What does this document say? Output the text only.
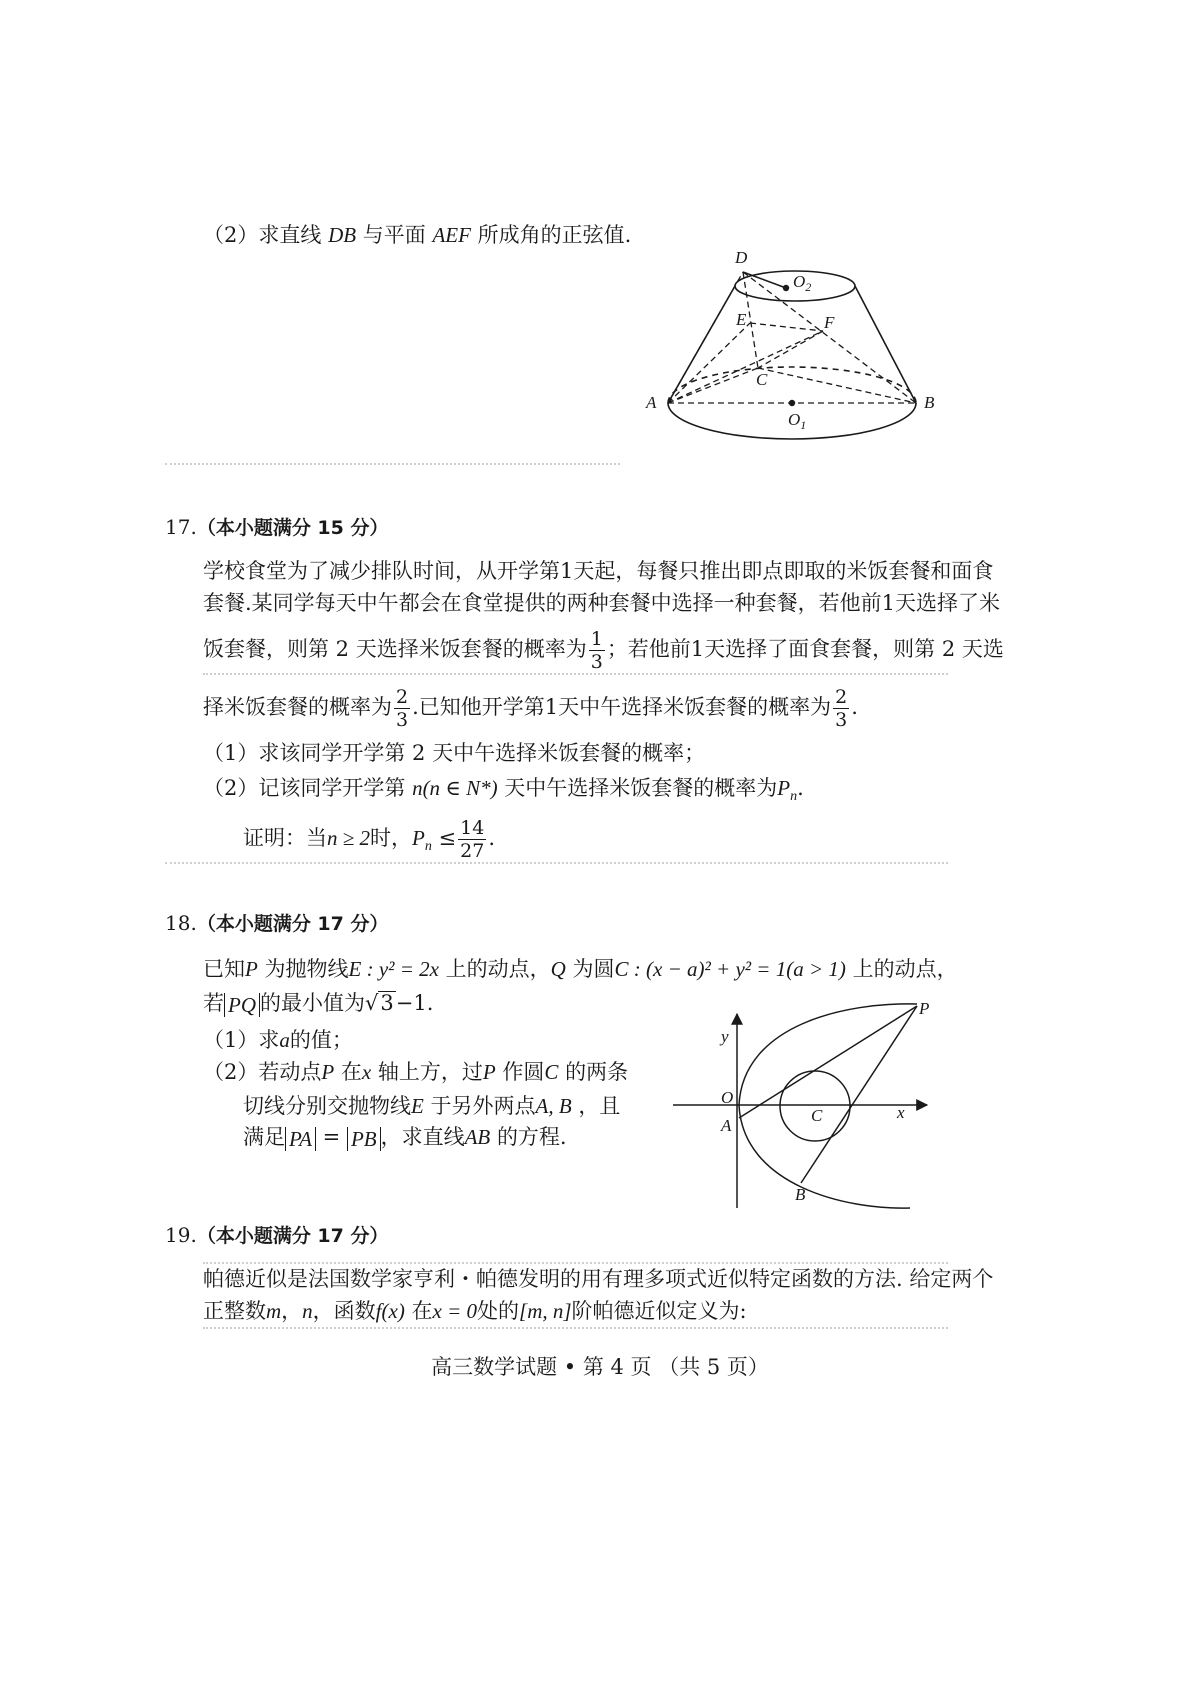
（2）求直线 DB 与平面 AEF 所成角的正弦值.
D
$O_2$
E	F
C
A	B
$O_1$
17.（本小题满分 15 分）
学校食堂为了减少排队时间，从开学第1天起，每餐只推出即点即取的米饭套餐和面食
套餐.某同学每天中午都会在食堂提供的两种套餐中选择一种套餐，若他前1天选择了米
饭套餐，则第 2 天选择米饭套餐的概率为 $\frac{1}{3}$ ；若他前1天选择了面食套餐，则第 2 天选
择米饭套餐的概率为 $\frac{2}{3}$ .已知他开学第1天中午选择米饭套餐的概率为 $\frac{2}{3}$ .
（1）求该同学开学第 2 天中午选择米饭套餐的概率；
（2）记该同学开学第 n(n ∈ N*) 天中午选择米饭套餐的概率为$P_n$.
证明：当n ≥ 2时，$P_n \le \frac{14}{27}$ .
18.（本小题满分 17 分）
已知P 为抛物线E : y² = 2x 上的动点，Q 为圆C : (x − a)² + y² = 1(a > 1) 上的动点，
若 PQ 的最小值为√3−1.
（1）求a的值；
（2）若动点P 在x 轴上方，过P 作圆C 的两条
切线分别交抛物线E 于另外两点A, B ，且
满足 PA = PB ，求直线AB 的方程.
P
y
O
C	x
A
B
19.（本小题满分 17 分）
帕德近似是法国数学家亨利・帕德发明的用有理多项式近似特定函数的方法. 给定两个
正整数m，n，函数f(x) 在x = 0处的[m, n]阶帕德近似定义为:
高三数学试题 • 第 4 页 （共 5 页）
